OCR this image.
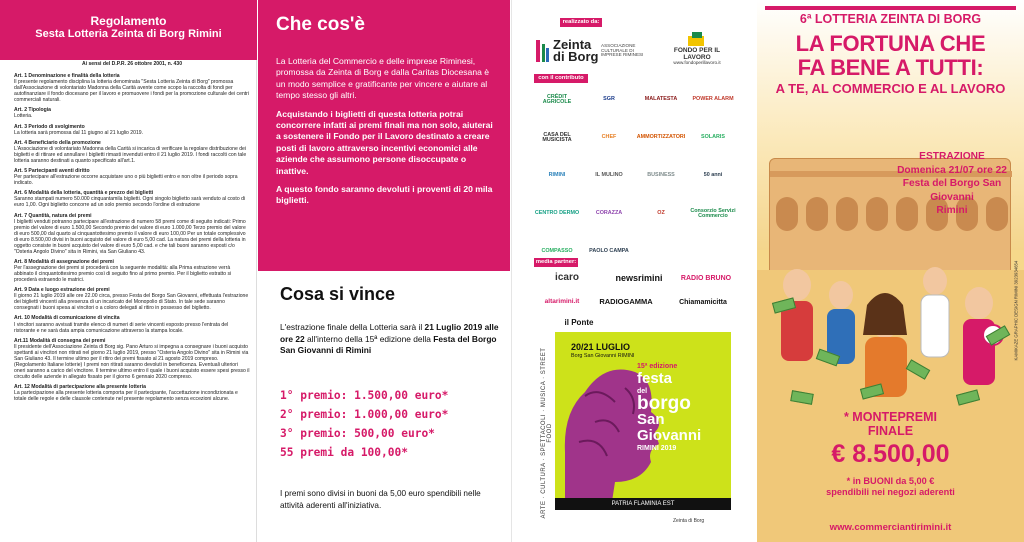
Regolamento
Sesta Lotteria Zeinta di Borg Rimini
Ai sensi del D.P.R. 26 ottobre 2001, n. 430
Art. 1 Denominazione e finalità della lotteria
Il presente regolamento disciplina la lotteria denominata "Sesta Lotteria Zeinta di Borg" promossa dall'Associazione di volontariato Madonna della Carità avente come scopo la raccolta di fondi per autofinanziare il fondo diocesano per il lavoro e promuovere i fondi per la promozione culturale dei centri commerciali naturali.
Art. 2 Tipologia
Lotteria.
Art. 3 Periodo di svolgimento
La lotteria sarà promossa dal 11 giugno al 21 luglio 2019.
Art. 4 Beneficiario della promozione
L'Associazione di volontariato Madonna della Carità si incarica di verificare la regolare distribuzione dei biglietti e di ritirare ed annullare i biglietti rimasti invenduti entro il 21 luglio 2019. I fondi raccolti con tale lotteria saranno destinati a quanto specificato all'art.1.
Art. 5 Partecipanti aventi diritto
Per partecipare all'estrazione occorre acquistare uno o più biglietti entro e non oltre il periodo sopra indicato.
Art. 6 Modalità della lotteria, quantità e prezzo dei biglietti
Saranno stampati numero 50.000 cinquantamila biglietti. Ogni singolo biglietto sarà venduto al costo di euro 1,00. Ogni biglietto concorre ad un solo premio secondo l'ordine di estrazione
Art. 7 Quantità, natura dei premi
I biglietti venduti potranno partecipare all'estrazione di numero 58 premi come di seguito indicati: Primo premio del valore di euro 1.500,00 Secondo premio del valore di euro 1.000,00 Terzo premio del valore di euro 500,00 dal quarto al cinquantottesimo premio il valore di euro 100,00 Per un totale complessivo di euro 8.500,00 divisi in buoni acquisto del valore di euro 5,00 cad. La natura dei premi della lotteria in oggetto consiste in buoni acquisto del valore di euro 5,00 cad. e che tali buoni saranno esposti c/o "Osteria Angolo Divino" sita in Rimini, via San Giuliano 43.
Art. 8 Modalità di assegnazione dei premi
Per l'assegnazione dei premi si procederà con la seguente modalità: alla Prima estrazione verrà abbinato il cinquantottesimo premio così di seguito fino al primo premio. Per il biglietto estratto si procederà estraendo le matrici.
Art. 9 Data e luogo estrazione dei premi
Il giorno 21 luglio 2019 alle ore 22.00 circa, presso Festa del Borgo San Giovanni, effettuata l'estrazione dei biglietti vincenti alla presenza di un incaricato del Monopolio di Stato. In tale sede saranno consegnati i buoni spesa ai vincitori o a coloro delegati al ritiro in possesso del biglietto.
Art. 10 Modalità di comunicazione di vincita
I vincitori saranno avvisati tramite elenco di numeri di serie vincenti esposto presso l'entrata del ristorante e ne sarà data ampia comunicazione attraverso la stampa locale.
Art.11 Modalità di consegna dei premi
Il presidente dell'Associazione Zeinta di Borg sig. Pano Arturo si impegna a consegnare i buoni acquisto spettanti ai vincitori non ritirati nel giorno 21 luglio 2019, presso "Osteria Angolo Divino" sita in Rimini via San Giuliano 43. Il termine ultimo per il ritiro dei premi fissato al 21 agosto 2019 compreso. (Regolamento Italiane lotterie) I premi non ritirati saranno devoluti in beneficenza. Eventuali ulteriori oneri saranno a carico del vincitore. Il termine ultimo entro il quale i buoni acquisto essere spesi presso il circuito delle aziende in allegato fissato per il giorno 6 gennaio 2020 compreso.
Art. 12 Modalità di partecipazione alla presente lotteria
La partecipazione alla presente lotteria comporta per il partecipante, l'accettazione incondizionata e totale delle regole e delle clausole contenute nel presente regolamento senza eccezioni alcune.
Che cos'è

La Lotteria del Commercio e delle imprese Riminesi, promossa da Zeinta di Borg e dalla Caritas Diocesana è un modo semplice e gratificante per vincere e aiutare al tempo stesso gli altri.

Acquistando i biglietti di questa lotteria potrai concorrere infatti ai premi finali ma non solo, aiuterai a sostenere il Fondo per il Lavoro destinato a creare posti di lavoro attraverso incentivi economici alle aziende che assumono persone disoccupate o inattive.

A questo fondo saranno devoluti i proventi di 20 mila biglietti.

Cosa si vince
L'estrazione finale della Lotteria sarà il 21 Luglio 2019 alle ore 22 all'interno della 15ª edizione della Festa del Borgo San Giovanni di Rimini
1° premio: 1.500,00 euro*
2° premio: 1.000,00 euro*
3° premio: 500,00 euro*
55 premi da 100,00*
I premi sono divisi in buoni da 5,00 euro spendibili nelle attività aderenti all'iniziativa.
realizzato da:
Zeinta di Borg
ASSOCIAZIONE CULTURALE DI IMPRESE RIMINESI
FONDO PER IL LAVORO
www.fondoperillavoro.it
con il contributo di:
CRÉDIT AGRICOLE	SGR	MALATESTA	POWER ALARM
CASA DEL MUSICISTA	CHEF	AMMORTIZZATORI	SOLARIS
RIMINI	IL MULINO	BUSINESS	50 anni
CENTRO DERMO	CORAZZA	OZ	Consorzio Servizi Commercio
COMPASSO	PAOLO CAMPA
media partner:
icaro	newsrimini	RADIO BRUNO
altarimini.it	RADIOGAMMA	Chiamamicitta
il Ponte
ARTE · CULTURA · SPETTACOLI · MUSICA · STREET FOOD
20/21 LUGLIO
Borg San Giovanni RIMINI
15ª edizione
festa
del
borgo
San
Giovanni
RIMINI 2019
PATRIA FLAMINIA EST
Zeinta di Borg
6ª LOTTERIA ZEINTA DI BORG
LA FORTUNA CHE
FA BENE A TUTTI:
A TE, AL COMMERCIO E AL LAVORO
ESTRAZIONE
Domenica 21/07 ore 22
Festa del Borgo San Giovanni
Rimini
KAMIKAZE GRAPHIC DESIGN RIMINI 3923934654
* MONTEPREMI
FINALE
€ 8.500,00
* in BUONI da 5,00 €
spendibili nei negozi aderenti
www.commerciantirimini.it
